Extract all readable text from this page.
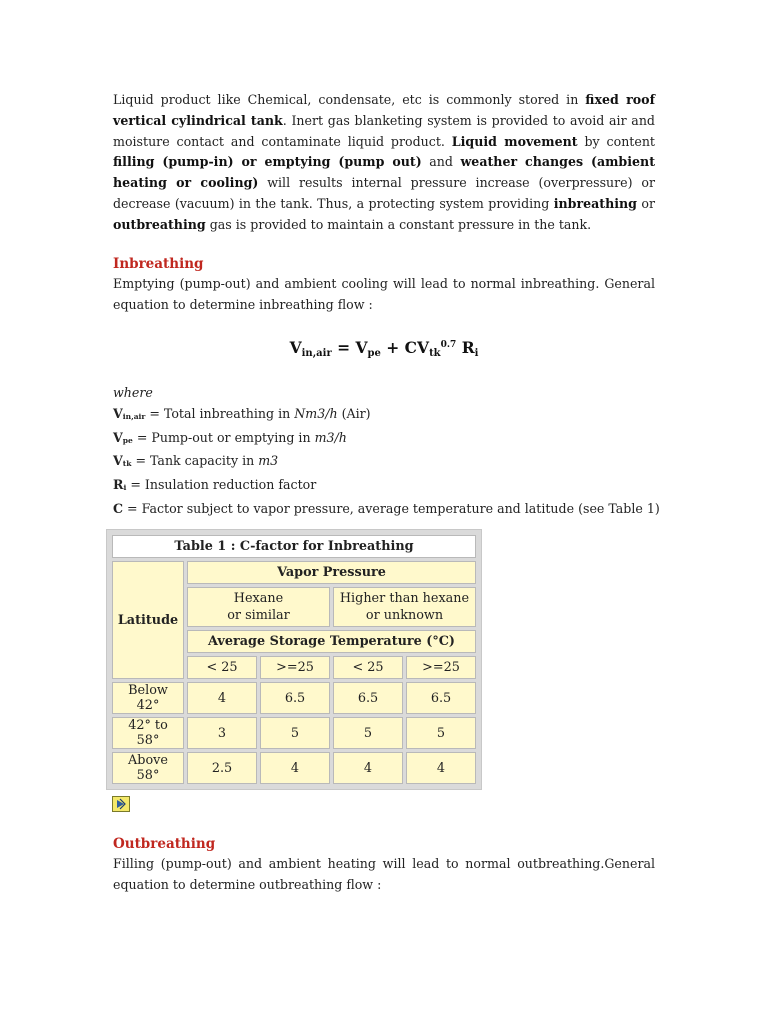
Liquid product like Chemical, condensate, etc is commonly stored in fixed roof vertical cylindrical tank. Inert gas blanketing system is provided to avoid air and moisture contact and contaminate liquid product. Liquid movement by content filling (pump-in) or emptying (pump out) and weather changes (ambient heating or cooling) will results internal pressure increase (overpressure) or decrease (vacuum) in the tank. Thus, a protecting system providing inbreathing or outbreathing gas is provided to maintain a constant pressure in the tank.

Inbreathing

Emptying (pump-out) and ambient cooling will lead to normal inbreathing. General equation to determine inbreathing flow :

$V_{in,air} = V_{pe} + CV_{tk}^{0.7}$ $R_i$
where
$V_{in,air}$ = Total inbreathing in Nm3/h (Air)
$V_{pe}$ = Pump-out or emptying in m3/h
$V_{tk}$ = Tank capacity in m3
$R_i$ = Insulation reduction factor
C = Factor subject to vapor pressure, average temperature and latitude (see Table 1)
Table 1 : C-factor for Inbreathing				
Latitude	Vapor Pressure			
	Hexane
or similar		Higher than hexane
or unknown	
	Average Storage Temperature (°C)			
	< 25	>=25	< 25	>=25
Below 42°	4	6.5	6.5	6.5
42° to 58°	3	5	5	5
Above 58°	2.5	4	4	4
Outbreathing

Filling (pump-out) and ambient heating will lead to normal outbreathing.General equation to determine outbreathing flow :
